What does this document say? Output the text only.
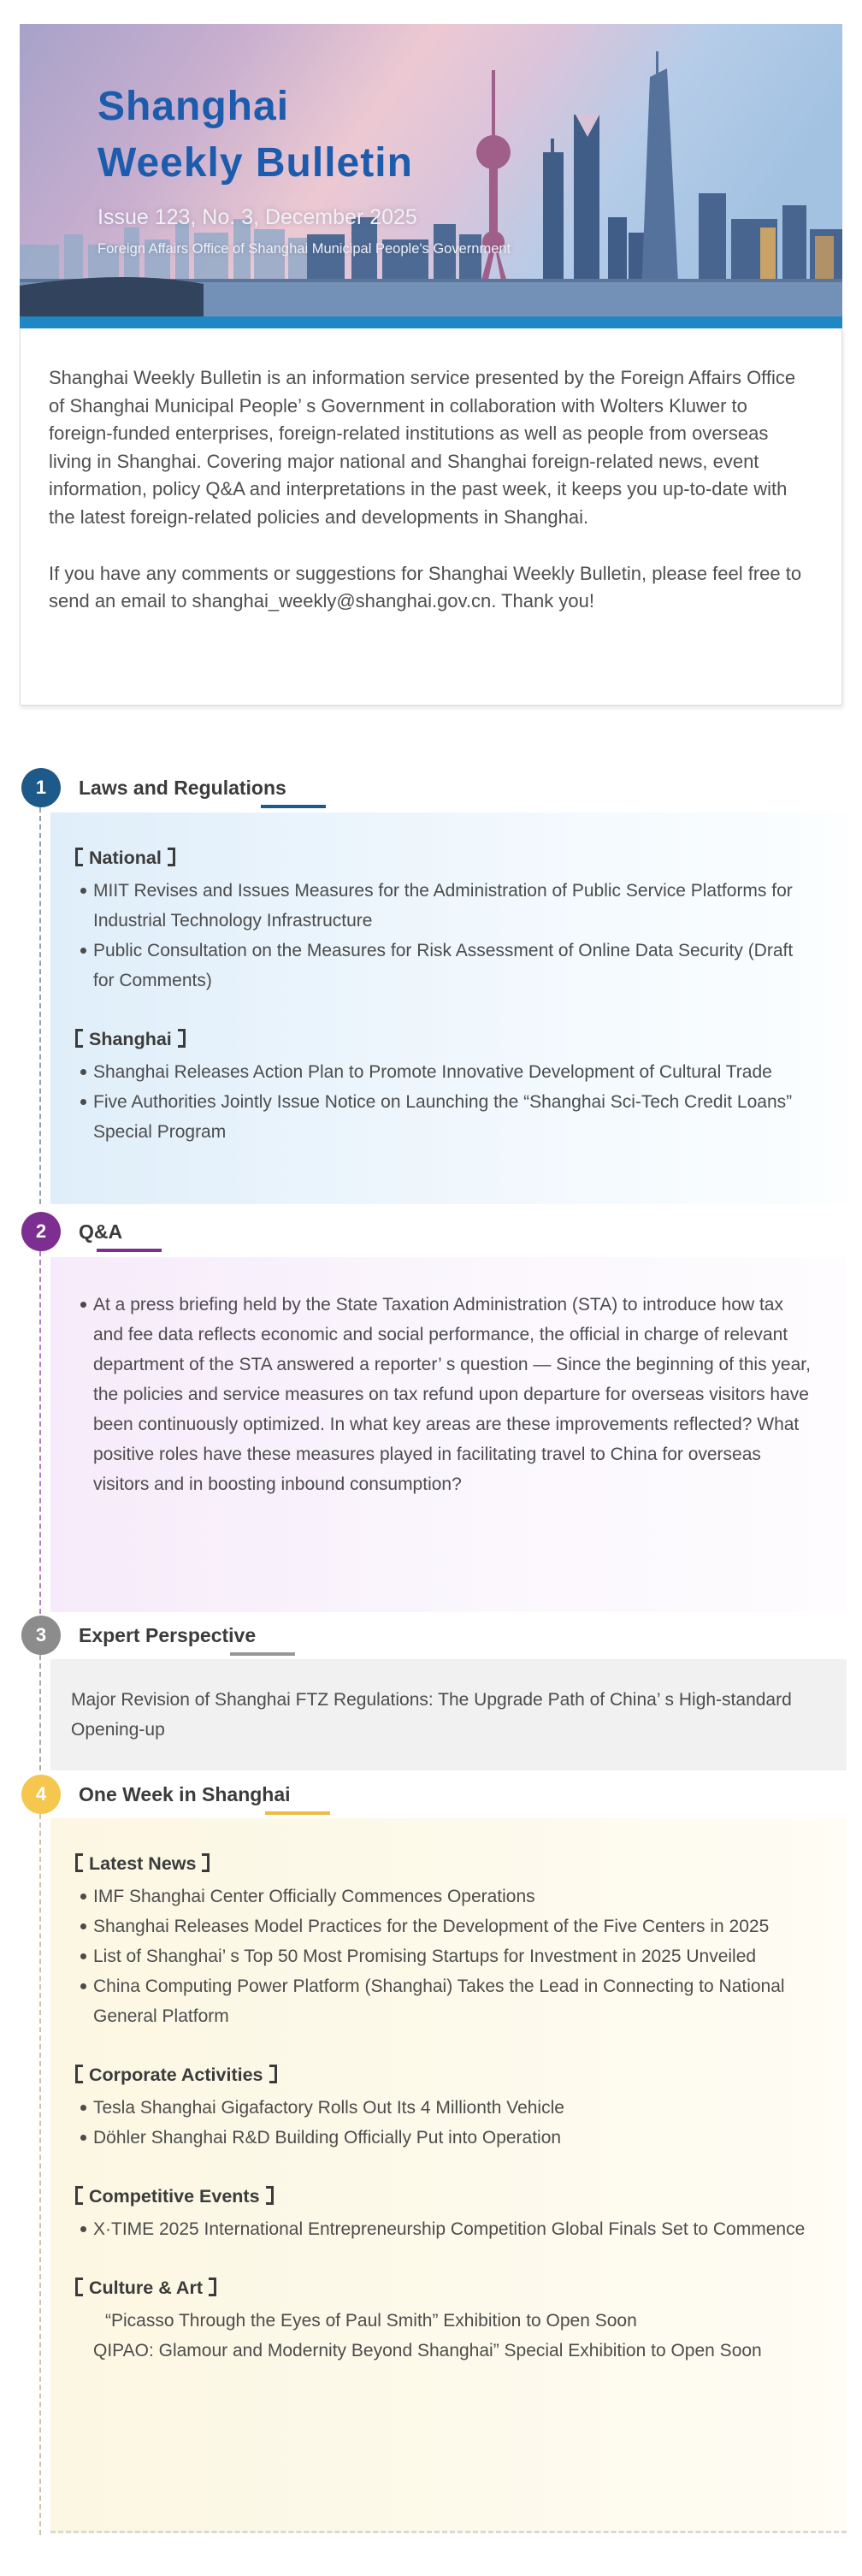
Shanghai
Weekly Bulletin
Issue 123, No. 3, December 2025
Foreign Affairs Office of Shanghai Municipal People's Government

Shanghai Weekly Bulletin is an information service presented by the Foreign Affairs Office of Shanghai Municipal People’ s Government in collaboration with Wolters Kluwer to foreign-funded enterprises, foreign-related institutions as well as people from overseas living in Shanghai. Covering major national and Shanghai foreign-related news, event information, policy Q&A and interpretations in the past week, it keeps you up-to-date with the latest foreign-related policies and developments in Shanghai.

If you have any comments or suggestions for Shanghai Weekly Bulletin, please feel free to send an email to shanghai_weekly@shanghai.gov.cn. Thank you!

1	Laws and Regulations
National
MIIT Revises and Issues Measures for the Administration of Public Service Platforms for Industrial Technology Infrastructure
Public Consultation on the Measures for Risk Assessment of Online Data Security (Draft for Comments)
Shanghai
Shanghai Releases Action Plan to Promote Innovative Development of Cultural Trade
Five Authorities Jointly Issue Notice on Launching the “Shanghai Sci-Tech Credit Loans” Special Program
2	Q&A
At a press briefing held by the State Taxation Administration (STA) to introduce how tax and fee data reflects economic and social performance, the official in charge of relevant department of the STA answered a reporter’ s question — Since the beginning of this year, the policies and service measures on tax refund upon departure for overseas visitors have been continuously optimized. In what key areas are these improvements reflected? What positive roles have these measures played in facilitating travel to China for overseas visitors and in boosting inbound consumption?
3	Expert Perspective

Major Revision of Shanghai FTZ Regulations: The Upgrade Path of China’ s High-standard Opening-up

4	One Week in Shanghai
Latest News
IMF Shanghai Center Officially Commences Operations
Shanghai Releases Model Practices for the Development of the Five Centers in 2025
List of Shanghai’ s Top 50 Most Promising Startups for Investment in 2025 Unveiled
China Computing Power Platform (Shanghai) Takes the Lead in Connecting to National General Platform
Corporate Activities
Tesla Shanghai Gigafactory Rolls Out Its 4 Millionth Vehicle
Döhler Shanghai R&D Building Officially Put into Operation
Competitive Events
X·TIME 2025 International Entrepreneurship Competition Global Finals Set to Commence
Culture & Art

“Picasso Through the Eyes of Paul Smith” Exhibition to Open Soon

QIPAO: Glamour and Modernity Beyond Shanghai” Special Exhibition to Open Soon
